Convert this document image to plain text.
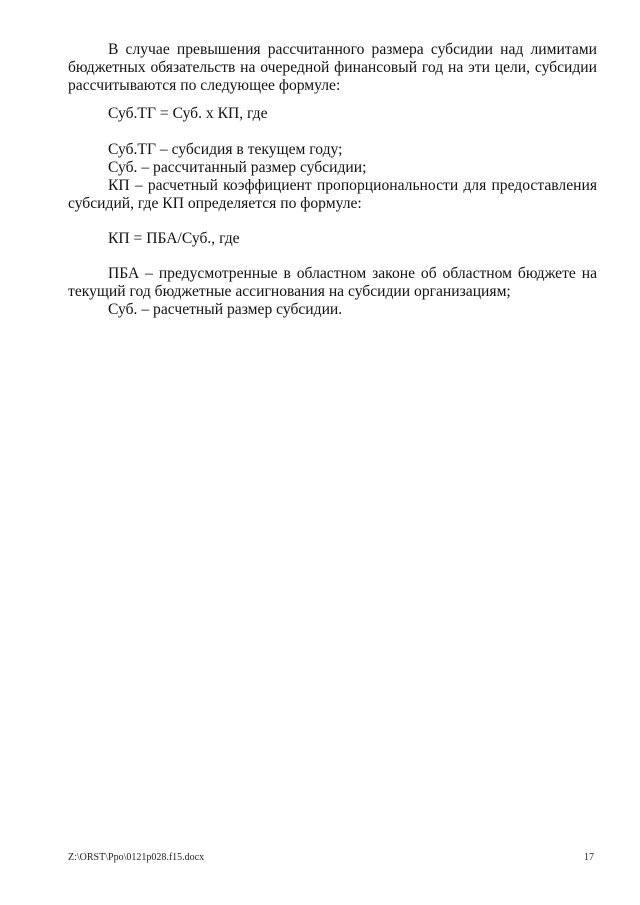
В случае превышения рассчитанного размера субсидии над лимитами бюджетных обязательств на очередной финансовый год на эти цели, субсидии рассчитываются по следующее формуле:

Суб.ТГ = Суб. х КП, где

Суб.ТГ – субсидия в текущем году;

Суб. – рассчитанный размер субсидии;

КП – расчетный коэффициент пропорциональности для предоставления субсидий, где КП определяется по формуле:

КП = ПБА/Суб., где

ПБА – предусмотренные в областном законе об областном бюджете на текущий год бюджетные ассигнования на субсидии организациям;

Суб. – расчетный размер субсидии.

Z:\ORST\Ppo\0121p028.f15.docx	17
